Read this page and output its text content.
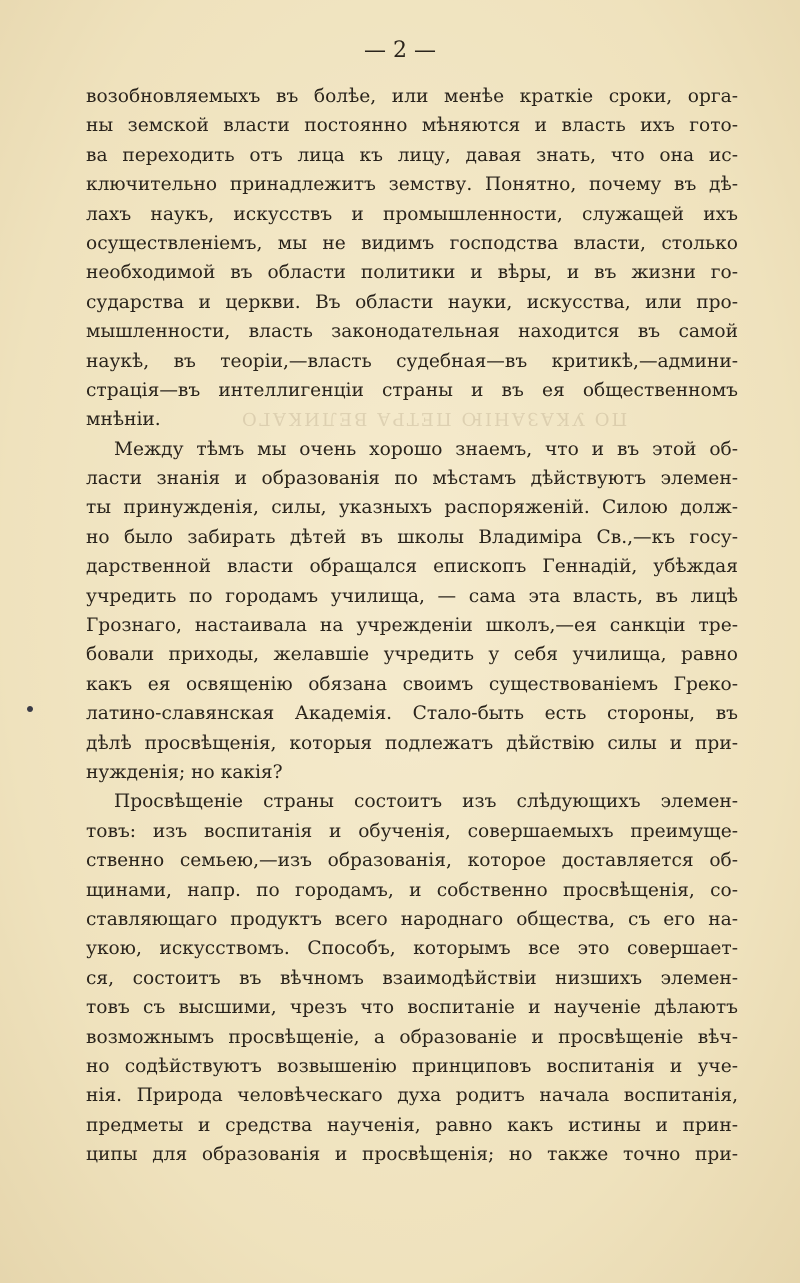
— 2 —
ПО УКАЗАНІЮ ПЕТРА ВЕЛИКАГО
возобновляемыхъ въ болѣе, или менѣе краткіе сроки, орга-
ны земской власти постоянно мѣняются и власть ихъ гото-
ва переходить отъ лица къ лицу, давая знать, что она ис-
ключительно принадлежитъ земству. Понятно, почему въ дѣ-
лахъ наукъ, искусствъ и промышленности, служащей ихъ
осуществленіемъ, мы не видимъ господства власти, столько
необходимой въ области политики и вѣры, и въ жизни го-
сударства и церкви. Въ области науки, искусства, или про-
мышленности, власть законодательная находится въ самой
наукѣ, въ теоріи,—власть судебная—въ критикѣ,—админи-
страція—въ интеллигенціи страны и въ ея общественномъ
мнѣніи.
Между тѣмъ мы очень хорошо знаемъ, что и въ этой об-
ласти знанія и образованія по мѣстамъ дѣйствуютъ элемен-
ты принужденія, силы, указныхъ распоряженій. Силою долж-
но было забирать дѣтей въ школы Владиміра Св.,—къ госу-
дарственной власти обращался епископъ Геннадій, убѣждая
учредить по городамъ училища, — сама эта власть, въ лицѣ
Грознаго, настаивала на учрежденіи школъ,—ея санкціи тре-
бовали приходы, желавшіе учредить у себя училища, равно
какъ ея освященію обязана своимъ существованіемъ Греко-
латино-славянская Академія. Стало-быть есть стороны, въ
дѣлѣ просвѣщенія, которыя подлежатъ дѣйствію силы и при-
нужденія; но какія?
Просвѣщеніе страны состоитъ изъ слѣдующихъ элемен-
товъ: изъ воспитанія и обученія, совершаемыхъ преимуще-
ственно семьею,—изъ образованія, которое доставляется об-
щинами, напр. по городамъ, и собственно просвѣщенія, со-
ставляющаго продуктъ всего народнаго общества, съ его на-
укою, искусствомъ. Способъ, которымъ все это совершает-
ся, состоитъ въ вѣчномъ взаимодѣйствіи низшихъ элемен-
товъ съ высшими, чрезъ что воспитаніе и наученіе дѣлаютъ
возможнымъ просвѣщеніе, а образованіе и просвѣщеніе вѣч-
но содѣйствуютъ возвышенію принциповъ воспитанія и уче-
нія. Природа человѣческаго духа родитъ начала воспитанія,
предметы и средства наученія, равно какъ истины и прин-
ципы для образованія и просвѣщенія; но также точно при-
